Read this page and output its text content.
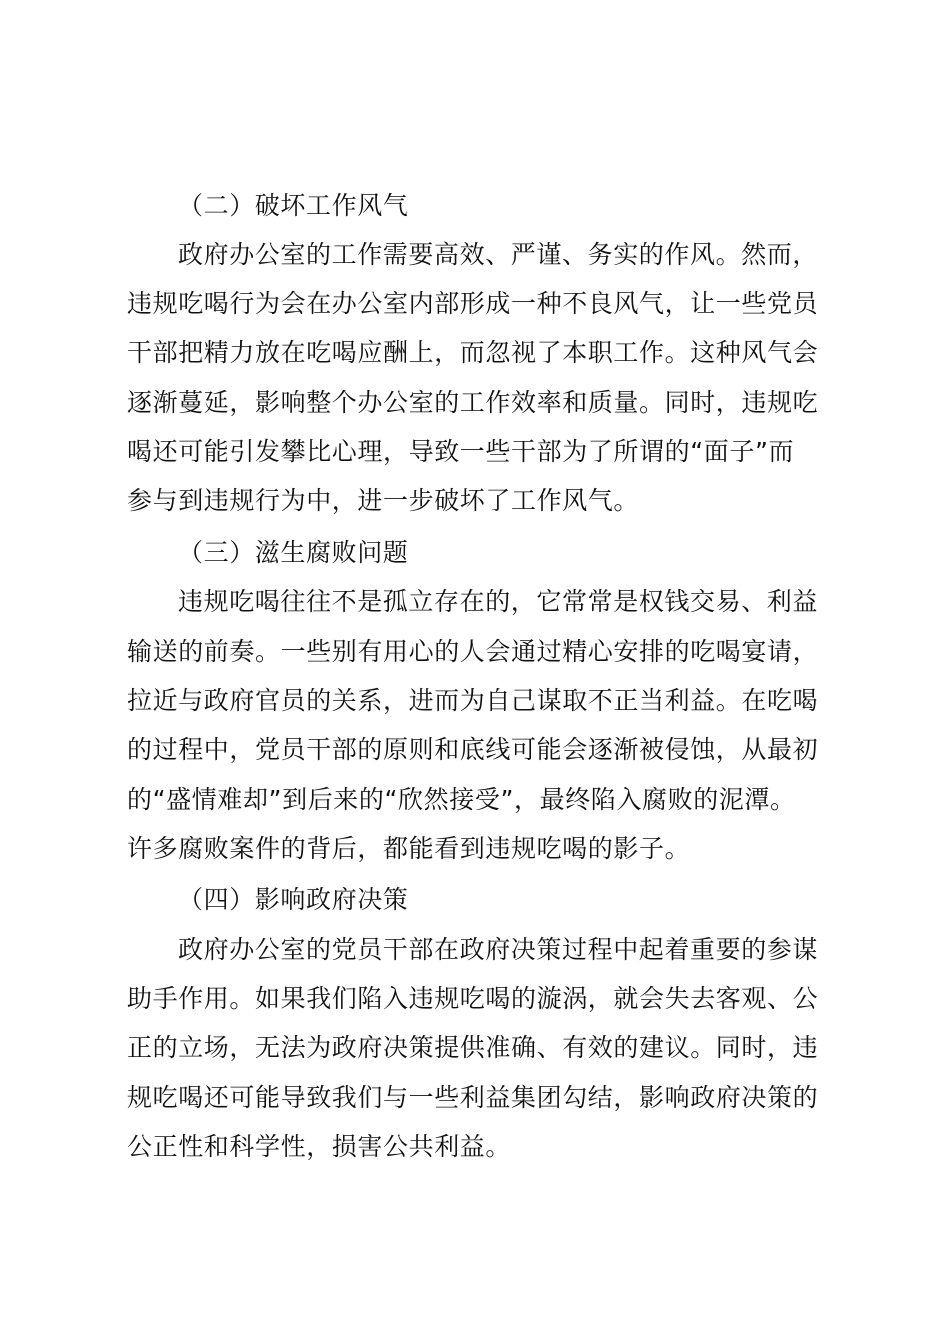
（二）破坏工作风气
政府办公室的工作需要高效、严谨、务实的作风。然而，
违规吃喝行为会在办公室内部形成一种不良风气，让一些党员
干部把精力放在吃喝应酬上，而忽视了本职工作。这种风气会
逐渐蔓延，影响整个办公室的工作效率和质量。同时，违规吃
喝还可能引发攀比心理，导致一些干部为了所谓的“面子”而
参与到违规行为中，进一步破坏了工作风气。
（三）滋生腐败问题
违规吃喝往往不是孤立存在的，它常常是权钱交易、利益
输送的前奏。一些别有用心的人会通过精心安排的吃喝宴请，
拉近与政府官员的关系，进而为自己谋取不正当利益。在吃喝
的过程中，党员干部的原则和底线可能会逐渐被侵蚀，从最初
的“盛情难却”到后来的“欣然接受”，最终陷入腐败的泥潭。
许多腐败案件的背后，都能看到违规吃喝的影子。
（四）影响政府决策
政府办公室的党员干部在政府决策过程中起着重要的参谋
助手作用。如果我们陷入违规吃喝的漩涡，就会失去客观、公
正的立场，无法为政府决策提供准确、有效的建议。同时，违
规吃喝还可能导致我们与一些利益集团勾结，影响政府决策的
公正性和科学性，损害公共利益。
